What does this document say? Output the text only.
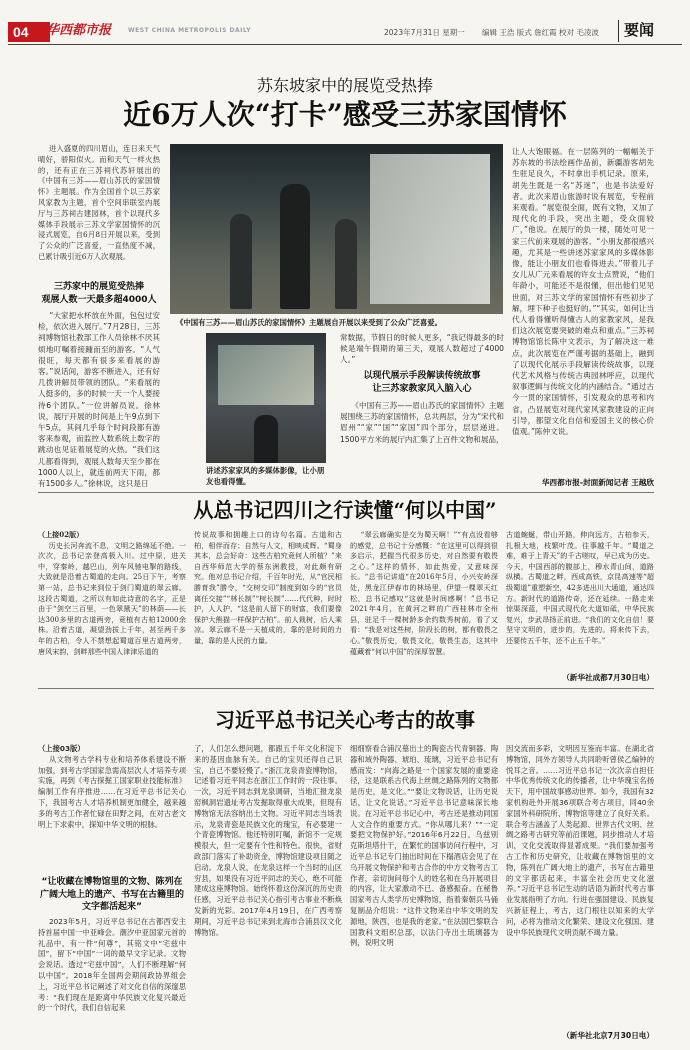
04 华西都市报	WEST CHINA METROPOLIS DAILY	2023年7月31日 星期一 编辑 王浩 版式 詹红霞 校对 毛凌波 要闻
苏东坡家中的展览受热捧
近6万人次“打卡”感受三苏家国情怀

进入盛夏的四川眉山，连日来天气晴好，骄阳似火。而和天气一样火热的，还有正在三苏祠代苏轩展出的《中国有三苏——眉山苏氏的家国情怀》主题展。作为全国首个以三苏家风家教为主题，首个空间串联室内展厅与三苏祠古建园林，首个以现代多媒体手段展示三苏文学家国情怀的沉浸式展览，自6月8日开展以来，受到了公众的广泛喜爱，一直热度不减，已累计吸引近6万人次观展。

三苏家中的展览受热捧
观展人数一天最多超4000人

“大家把水杯放在外面，包包过安检，依次进入展厅。”7月28日，三苏祠博物馆社教部工作人员徐林不厌其烦地叮嘱着接踵而至的游客。“人气很旺，每天都有很多来看展的游客。”说话间，游客不断进入，还有好几拨讲解员带领的团队。“来看展的人挺多的，多的时候一天一个人要接待6个团队。”一位讲解员说。徐林说，展厅开展的时间是上午9点到下午5点，其间几乎每个时间段都有游客来参观，而监控人数系统上数字的跳动也见证着展览的火热。“我们这儿都看得到，观展人数每天至少都在1000人以上，就连前两天下雨，都有1500多人。”徐林说，这只是日

《中国有三苏——眉山苏氏的家国情怀》主题展自开展以来受到了公众广泛喜爱。
讲述苏家家风的多媒体影像，让小朋友也看得懂。

常数据，节假日的时候人更多，“我记得最多的时候是端午假期的第三天，观展人数超过了4000人。”

以现代展示手段解读传统故事
让三苏家教家风入脑入心

《中国有三苏——眉山苏氏的家国情怀》主题展围绕三苏的家国情怀，总共两层，分为“宋代和眉州”“家”“国”“家国”四个部分，层层递进。1500平方米的展厅内汇集了上百件文物和展品，

让人大饱眼福。在一层陈列的一幅幅关于苏东坡的书法绘画作品前，新疆游客胡先生驻足良久，不时拿出手机记录。原来，胡先生既是一名“苏迷”，也是书法爱好者。此次来眉山旅游时说有展览，专程前来观看。“展览很全面，既有文物，又加了现代化的手段，突出主题，受众面较广，”他说。在展厅的负一楼，随处可见一家三代前来观展的游客。“小朋友都很感兴趣，尤其是一些讲述苏家家风的多媒体影像，能让小朋友们也看得进去。”带着儿子女儿从广元来看展的许女士点赞说，“他们年龄小，可能还不是很懂，但出他们见见世面，对三苏文学的家国情怀有些初步了解，埋下种子也挺好的。”“其实，如何让当代人看得懂听得懂古人的家教家风，是我们这次展览要突破的难点和重点。”三苏祠博物馆馆长陈中文表示，为了解决这一难点，此次展览在严谨考据的基础上，融到了以现代化展示手段解读传统故事，以现代艺术风格与传统古典园林呼应，以现代叙事逻辑与传统文化的内涵结合。“通过古今一贯的家国情怀，引发观众的思考和内省，凸显展览对现代家风家教建设的正向引导，都望文化自信和爱国主义的核心价值观。”陈仲文说。

华西都市报-封面新闻记者 王越欣
从总书记四川之行读懂“何以中国”

（上接02版）

历史长河奔流不息，文明之路绵延不绝。一次次，总书记亲登高极入川。过中原，进关中，穿秦岭，越巴山，列车风驰电掣的路线，大致就是沿着古蜀道的走向。25日下午，考察第一站，总书记来到位于剑门蜀道的翠云廊。这段古蜀道，之所以有如此诗意的名字，正是由于“剑空三百里，一色翠黛天”的林荫——长达300多里的古道两旁，竟植有古柏12000余株。沿着古道，凝望劲拔上千年，甚至两千多年的古柏，令人不禁想起蜀道百里古道两旁，唐风宋韵，剑畔那些中国人津津乐道的

传说故事和拥趣上口的诗句名篇。古道和古柏，相伴而存；自然与人文，相映成辉。“蜀身其本，总会好奇：这些古柏究竟何人所植？”来自西华师范大学的蔡东洲教授，对此颇有研究。他对总书记介绍，千百年时光，从“官民相勝育我”勝令，“交树交印”制度到如今的“官员离任交接”“林长制”“树长制”……代代种，时时护，人人护，“这是前人留下的财富，我们要像保护大熊猫一样保护古柏”。前人栽树，后人乘凉。翠云廊不是一天植成的，靠的是时间的力量，靠的是人民的力量。

“翠云廊确实是交为蜀天啊！”“有点没看够的感觉，总书记十分感慨：“在这里可以得到很多启示，把握当代很多历史，对自然要有敬畏之心。”这样的情怀，如此热爱，又意味深长。“总书记讲道“在2016年5月，小兴安岭深处，黑龙江伊春市的林场里，伊望一棵翠天红松，总书记感叹“这就是时间感啊！”总书记2021年4月，在黄河之畔的广西桂林市全州县，驻足千一棵树龄多余约数秀树前，看了又看：“我是对这些树，阶段长的树，都有敬畏之心。”敬畏历史，敬畏文化，敬畏生态，这其中蕴藏着“何以中国”的深厚智慧。

古道蜿蜒，带山开路，伸向远方，古柏参天，扎根大地，枝繁叶茂。往事越千年。“蜀道之难，难于上青天”的千古嗟叹，早已成为历史。今天，中国西部的腹部上，穆水青山间，道路纵横。古蜀道之畔，西成高铁，京昆高速等“超级蜀道”重塑新空，42多进出川大通道，通达四方。新时代的道路传奇，还在延续。一路走来惊渠深蓝，中国式现代化大道如砥，中华民族复兴，步武昂扬正前进。“我们的文化自信！要坚守文明的，进步的，先进的。将来传下去，还要传五千年，还不止五千年。”

（新华社成都7月30日电）
习近平总书记关心考古的故事

（上接03版）

从文物考古学科专业和培养体系建设不断加强，到考古学国家急需高层次人才培养专项实施，再到《考古探掘工国家职业技能标准》编制工作有序推进……在习近平总书记关心下，我国考古人才培养机制更加健全，越来越多的考古工作者忙碌在田野之间，在对古老文明上下求索中，探知中华文明的根脉。

“让收藏在博物馆里的文物、陈列在广阔大地上的遗产、书写在古籍里的文字都活起来”

2023年5月，习近平总书记在古都西安主持首届中国一中亚峰会。潮汐中亚国家元首的礼品中，有一件“何尊”，其铭文中“宅兹中国”，留下“中国”一词的最早文字记录。文物会说话。透过“宅兹中国”，人们不断理解“何以中国”。2018年全国两会期间政协界组会上，习近平总书记阐述了对文化自信的深邃思考：“我们现在是距离中华民族文化复兴最近的一个时代，我们自信起来

了，人们怎么想问题，都跟五千年文化积淀下来的基因血脉有关。自己的宝贝还得自己识宝，自己不要轻慢了。”浙江龙泉青瓷博物馆，记述着习近平同志在浙江工作时的一段往事。一次，习近平同志到龙泉调研，当地汇报龙泉窑枫洞岩遗址考古发掘取得重大成果，但现有博物馆无法容纳出土文物。习近平同志当场表示，龙泉青瓷是民族文化的瑰宝，有必要建一个青瓷博物馆。他还特别叮嘱，新馆不一定规模很大，但一定要有个性和特色。很快，省财政部门落实了补助资金，博物馆建设项目随之启动。龙泉人说，在龙泉这样一个当时的山区穷县，如果没有习近平同志的关心，绝不可能建成这座博物馆。始终怀着这份深沉的历史责任感，习近平总书记关心指引考古事业不断焕发新的光彩。2017年4月19日，在广西考察期间，习近平总书记来到北海市合浦县汉文化博物馆。

细细察看合浦汉墓出土的陶瓷古代青铜器、陶器和域外陶器、琥珀、琉璃，习近平总书记有感而发：“向海之路是一个国家发展的重要途径，这是联系古代海上丝绸之路陈列的文物都是历史，是文化。”“要让文物说话，让历史说话，让文化说话。”习近平总书记意味深长地说。在习近平总书记心中，考古还是推动同国人文合作的重要方式。“你从哪儿来？”“一定要把文物保护好。”2016年6月22日，乌兹别克斯坦塔什干，在繁忙的国事访问行程中，习近平总书记专门抽出时间在下榻酒店会见了在乌开展文物保护和考古合作的中方文物考古工作者，亲切询问每个人的姓名和在乌开展项目的内容，让大家激动不已、备感振奋。在秘鲁国家考古人类学历史博物馆，指着秦朝兵马俑复制品介绍说：“这件文物来自中华文明的发源地，陕西，也是我的老家。”在法国巴黎联合国教科文组织总部，以法门寺出土琉璃器为例，说明文明

因交流而多彩，文明因互鉴而丰富。在湖北省博物馆，同外方领导人共同聆听曾侯乙编钟的悦耳之音。……习近平总书记一次次亲自担任中华优秀传统文化的传播者，让中华瑰宝名扬天下，用中国故事感动世界。如今，我国有32家机构赴外开展36项联合考古项目，同40余家国外科研院所、博物馆等建立了良好关系。联合考古涵盖了人类起源、世界古代文明、丝绸之路考古研究等前沿课题，同步推动人才培训，文化交流取得显著成果。“我们要加强考古工作和历史研究，让收藏在博物馆里的文物，陈列在广阔大地上的遗产，书写在古籍里的文字都活起来，丰富全社会历史文化滋养。”习近平总书记生动的话语为新时代考古事业发展指明了方向。行进在强国建设、民族复兴新征程上，考古，这门根往以知来的大学问，必将为推动文化繁荣、建设文化强国、建设中华民族现代文明贡献不竭力量。

（新华社北京7月30日电）
